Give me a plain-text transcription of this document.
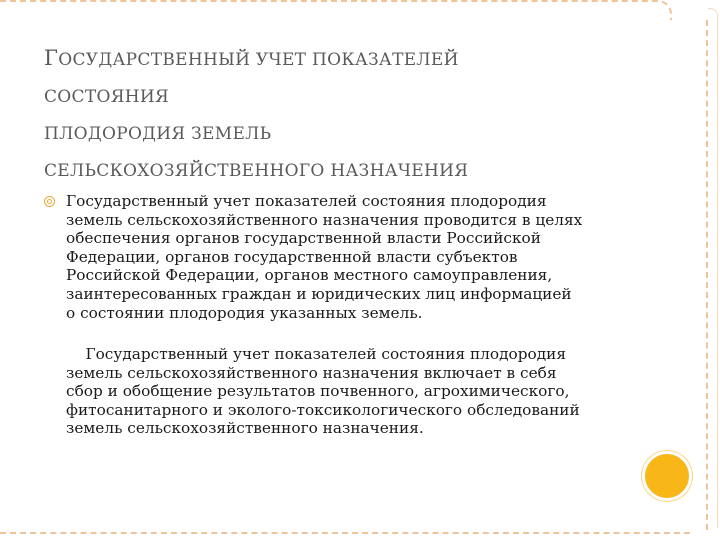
ГОСУДАРСТВЕННЫЙ УЧЕТ ПОКАЗАТЕЛЕЙ
СОСТОЯНИЯ
ПЛОДОРОДИЯ ЗЕМЕЛЬ
СЕЛЬСКОХОЗЯЙСТВЕННОГО НАЗНАЧЕНИЯ
Государственный учет показателей состояния плодородия
земель сельскохозяйственного назначения проводится в целях
обеспечения органов государственной власти Российской
Федерации, органов государственной власти субъектов
Российской Федерации, органов местного самоуправления,
заинтересованных граждан и юридических лиц информацией
о состоянии плодородия указанных земель.

Государственный учет показателей состояния плодородия
земель сельскохозяйственного назначения включает в себя
сбор и обобщение результатов почвенного, агрохимического,
фитосанитарного и эколого-токсикологического обследований
земель сельскохозяйственного назначения.
